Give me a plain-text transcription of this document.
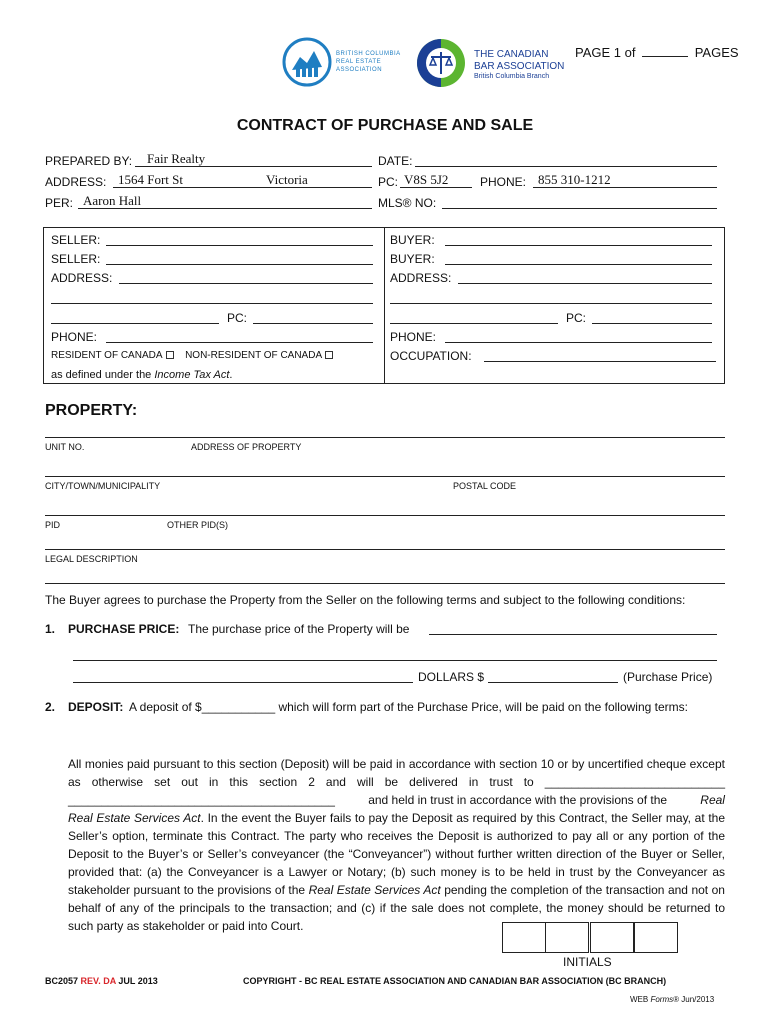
BRITISH COLUMBIA REAL ESTATE ASSOCIATION
THE CANADIAN
BAR ASSOCIATION
British Columbia Branch
PAGE 1 of	PAGES
CONTRACT OF PURCHASE AND SALE
PREPARED BY: Fair Realty	DATE:
ADDRESS: 1564 Fort St	Victoria	PC: V8S 5J2	PHONE: 855 310-1212
PER: Aaron Hall	MLS® NO:
SELLER:
SELLER:
ADDRESS:
PC:
PHONE:
RESIDENT OF CANADA NON-RESIDENT OF CANADA
as defined under the Income Tax Act.
BUYER:
BUYER:
ADDRESS:
PC:
PHONE:
OCCUPATION:
PROPERTY:
UNIT NO.	ADDRESS OF PROPERTY
CITY/TOWN/MUNICIPALITY	POSTAL CODE
PID	OTHER PID(S)
LEGAL DESCRIPTION
The Buyer agrees to purchase the Property from the Seller on the following terms and subject to the following conditions:
1. PURCHASE PRICE: The purchase price of the Property will be
DOLLARS $	(Purchase Price)
2. DEPOSIT: A deposit of $___________ which will form part of the Purchase Price, will be paid on the following terms:
All monies paid pursuant to this section (Deposit) will be paid in accordance with section 10 or by uncertified cheque except as otherwise set out in this section 2 and will be delivered in trust to ___________________________
________________________________________	and held in trust in accordance with the provisions of the	Real
Real Estate Services Act. In the event the Buyer fails to pay the Deposit as required by this Contract, the Seller may, at the Seller’s option, terminate this Contract. The party who receives the Deposit is authorized to pay all or any portion of the Deposit to the Buyer’s or Seller’s conveyancer (the “Conveyancer”) without further written direction of the Buyer or Seller, provided that: (a) the Conveyancer is a Lawyer or Notary; (b) such money is to be held in trust by the Conveyancer as stakeholder pursuant to the provisions of the Real Estate Services Act pending the completion of the transaction and not on behalf of any of the principals to the transaction; and (c) if the sale does not complete, the money should be returned to such party as stakeholder or paid into Court.
INITIALS
BC2057 REV. DA JUL 2013	COPYRIGHT - BC REAL ESTATE ASSOCIATION AND CANADIAN BAR ASSOCIATION (BC BRANCH)
WEB Forms® Jun/2013
